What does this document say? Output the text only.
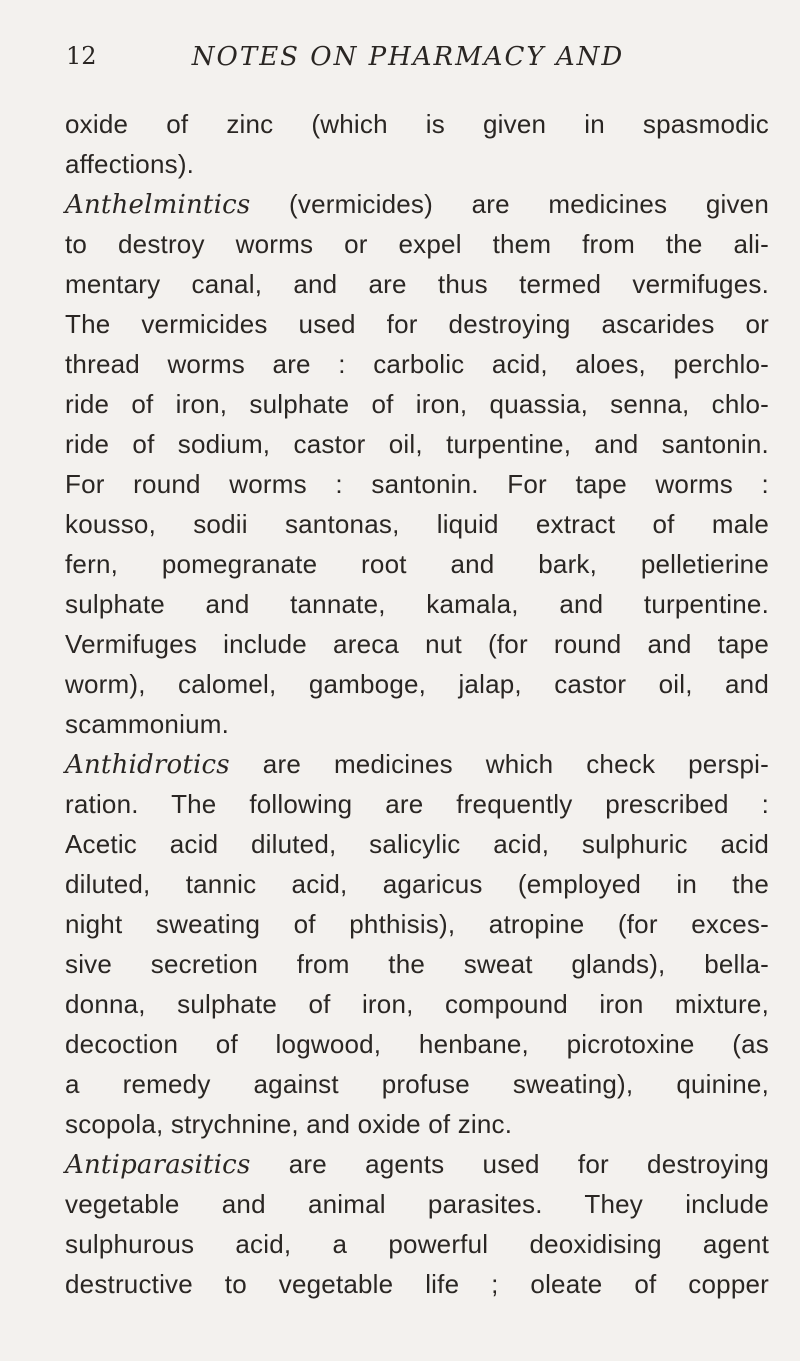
12	NOTES ON PHARMACY AND
oxide of zinc (which is given in spasmodic
affections).
Anthelmintics (vermicides) are medicines given
to destroy worms or expel them from the ali-
mentary canal, and are thus termed vermifuges.
The vermicides used for destroying ascarides or
thread worms are : carbolic acid, aloes, perchlo-
ride of iron, sulphate of iron, quassia, senna, chlo-
ride of sodium, castor oil, turpentine, and santonin.
For round worms : santonin. For tape worms :
kousso, sodii santonas, liquid extract of male
fern, pomegranate root and bark, pelletierine
sulphate and tannate, kamala, and turpentine.
Vermifuges include areca nut (for round and tape
worm), calomel, gamboge, jalap, castor oil, and
scammonium.
Anthidrotics are medicines which check perspi-
ration. The following are frequently prescribed :
Acetic acid diluted, salicylic acid, sulphuric acid
diluted, tannic acid, agaricus (employed in the
night sweating of phthisis), atropine (for exces-
sive secretion from the sweat glands), bella-
donna, sulphate of iron, compound iron mixture,
decoction of logwood, henbane, picrotoxine (as
a remedy against profuse sweating), quinine,
scopola, strychnine, and oxide of zinc.
Antiparasitics are agents used for destroying
vegetable and animal parasites. They include
sulphurous acid, a powerful deoxidising agent
destructive to vegetable life ; oleate of copper
